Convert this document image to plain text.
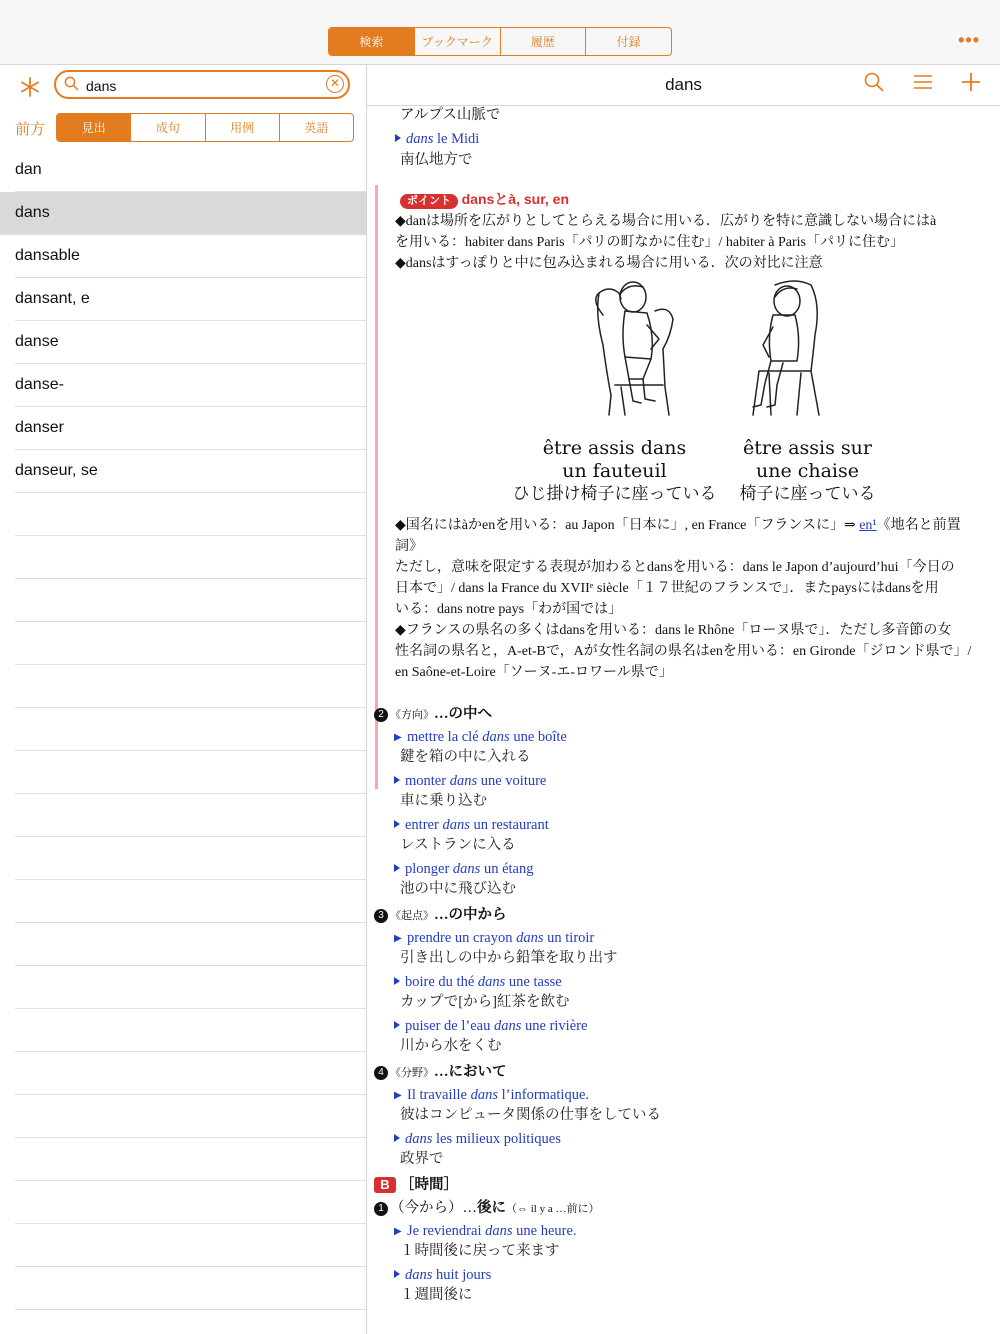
検索	ブックマーク	履歴	付録	•••
dans
✕
前方	見出	成句	用例	英語
dan
dans
dansable
dansant, e
danse
danse-
danser
danseur, se
dans
アルプス山脈で
dans le Midi
南仏地方で
ポイント dansとà, sur, en
◆danは場所を広がりとしてとらえる場合に用いる．広がりを特に意識しない場合にはà
を用いる：habiter dans Paris「パリの町なかに住む」/ habiter à Paris「パリに住む」
◆dansはすっぽりと中に包み込まれる場合に用いる．次の対比に注意
être assis dans
un fauteuil
ひじ掛け椅子に座っている
être assis sur
une chaise
椅子に座っている
◆国名にはàかenを用いる：au Japon「日本に」, en France「フランスに」⇒ en¹《地名と前置
詞》
ただし，意味を限定する表現が加わるとdansを用いる：dans le Japon d’aujourd’hui「今日の
日本で」/ dans la France du XVIIᵉ siècle「１７世紀のフランスで」．またpaysにはdansを用
いる：dans notre pays「わが国では」
◆フランスの県名の多くはdansを用いる：dans le Rhône「ローヌ県で」．ただし多音節の女
性名詞の県名と，A-et-Bで，Aが女性名詞の県名はenを用いる：en Gironde「ジロンド県で」/
en Saône-et-Loire「ソーヌ-エ-ロワール県で」
2 《方向》…の中へ
▶‎ mettre la clé dans une boîte
鍵を箱の中に入れる
monter dans une voiture
車に乗り込む
entrer dans un restaurant
レストランに入る
plonger dans un étang
池の中に飛び込む
3 《起点》…の中から
▶‎ prendre un crayon dans un tiroir
引き出しの中から鉛筆を取り出す
boire du thé dans une tasse
カップで[から]紅茶を飲む
puiser de l’eau dans une rivière
川から水をくむ
4 《分野》…において
▶‎ Il travaille dans l’informatique.
彼はコンピュータ関係の仕事をしている
dans les milieux politiques
政界で
B ［時間］
1 （今から）…後に（⇔ il y a …前に）
▶ Je reviendrai dans une heure.
１時間後に戻って来ます
dans huit jours
１週間後に
